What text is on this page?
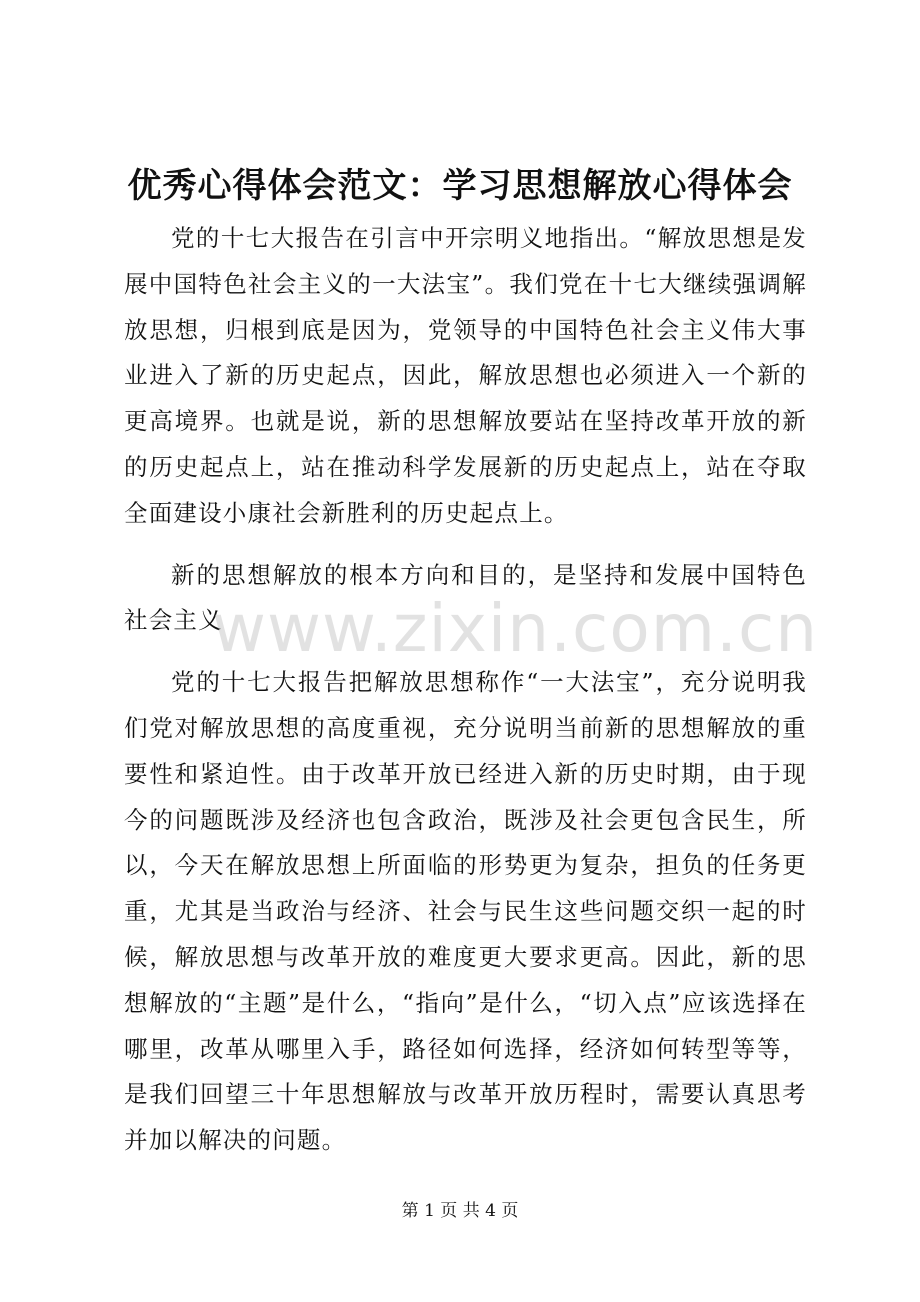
优秀心得体会范文：学习思想解放心得体会

党的十七大报告在引言中开宗明义地指出。“解放思想是发展中国特色社会主义的一大法宝”。我们党在十七大继续强调解放思想，归根到底是因为，党领导的中国特色社会主义伟大事业进入了新的历史起点，因此，解放思想也必须进入一个新的更高境界。也就是说，新的思想解放要站在坚持改革开放的新的历史起点上，站在推动科学发展新的历史起点上，站在夺取全面建设小康社会新胜利的历史起点上。

新的思想解放的根本方向和目的，是坚持和发展中国特色社会主义

党的十七大报告把解放思想称作“一大法宝”，充分说明我们党对解放思想的高度重视，充分说明当前新的思想解放的重要性和紧迫性。由于改革开放已经进入新的历史时期，由于现今的问题既涉及经济也包含政治，既涉及社会更包含民生，所以，今天在解放思想上所面临的形势更为复杂，担负的任务更重，尤其是当政治与经济、社会与民生这些问题交织一起的时候，解放思想与改革开放的难度更大要求更高。因此，新的思想解放的“主题”是什么，“指向”是什么，“切入点”应该选择在哪里，改革从哪里入手，路径如何选择，经济如何转型等等，是我们回望三十年思想解放与改革开放历程时，需要认真思考并加以解决的问题。

www.zixin.com.cn
第 1 页 共 4 页
